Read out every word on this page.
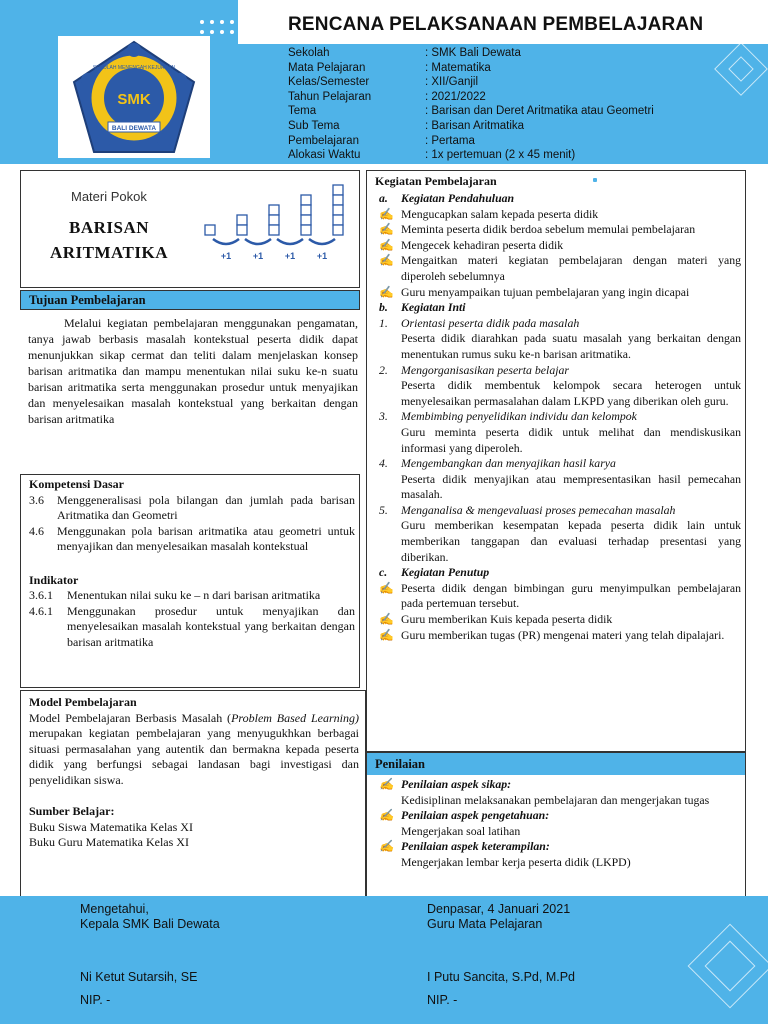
SMK
SEKOLAH MENENGAH KEJURUAN
BALI DEWATA
RENCANA PELAKSANAAN PEMBELAJARAN
Sekolah	: SMK Bali Dewata
Mata Pelajaran	: Matematika
Kelas/Semester	: XII/Ganjil
Tahun Pelajaran	: 2021/2022
Tema	: Barisan dan Deret Aritmatika atau Geometri
Sub Tema	: Barisan Aritmatika
Pembelajaran	: Pertama
Alokasi Waktu	: 1x pertemuan (2 x 45 menit)
Materi Pokok
BARISAN
ARITMATIKA	+1 +1 +1 +1
Tujuan Pembelajaran
Melalui kegiatan pembelajaran menggunakan pengamatan, tanya jawab berbasis masalah kontekstual peserta didik dapat menunjukkan sikap cermat dan teliti dalam menjelaskan konsep barisan aritmatika dan mampu menentukan nilai suku ke-n suatu barisan aritmatika serta menggunakan prosedur untuk menyajikan dan menyelesaikan masalah kontekstual yang berkaitan dengan barisan aritmatika
Kompetensi Dasar
3.6	Menggeneralisasi pola bilangan dan jumlah pada barisan Aritmatika dan Geometri
4.6	Menggunakan pola barisan aritmatika atau geometri untuk menyajikan dan menyelesaikan masalah kontekstual
Indikator
3.6.1	Menentukan nilai suku ke – n dari barisan aritmatika
4.6.1	Menggunakan prosedur untuk menyajikan dan menyelesaikan masalah kontekstual yang berkaitan dengan barisan aritmatika
Model Pembelajaran
Model Pembelajaran Berbasis Masalah (Problem Based Learning) merupakan kegiatan pembelajaran yang menyugukhkan berbagai situasi permasalahan yang autentik dan bermakna kepada peserta didik yang berfungsi sebagai landasan bagi investigasi dan penyelidikan siswa.
Sumber Belajar:
Buku Siswa Matematika Kelas XI
Buku Guru Matematika Kelas XI
Kegiatan Pembelajaran
a.	Kegiatan Pendahuluan
✍ Mengucapkan salam kepada peserta didik
✍ Meminta peserta didik berdoa sebelum memulai pembelajaran
✍ Mengecek kehadiran peserta didik
✍ Mengaitkan materi kegiatan pembelajaran dengan materi yang diperoleh sebelumnya
✍ Guru menyampaikan tujuan pembelajaran yang ingin dicapai
b.	Kegiatan Inti
1.	Orientasi peserta didik pada masalah
Peserta didik diarahkan pada suatu masalah yang berkaitan dengan menentukan rumus suku ke-n barisan aritmatika.
2.	Mengorganisasikan peserta belajar
Peserta didik membentuk kelompok secara heterogen untuk menyelesaikan permasalahan dalam LKPD yang diberikan oleh guru.
3.	Membimbing penyelidikan individu dan kelompok
Guru meminta peserta didik untuk melihat dan mendiskusikan informasi yang diperoleh.
4.	Mengembangkan dan menyajikan hasil karya
Peserta didik menyajikan atau mempresentasikan hasil pemecahan masalah.
5.	Menganalisa & mengevaluasi proses pemecahan masalah
Guru memberikan kesempatan kepada peserta didik lain untuk memberikan tanggapan dan evaluasi terhadap presentasi yang diberikan.
c.	Kegiatan Penutup
✍ Peserta didik dengan bimbingan guru menyimpulkan pembelajaran pada pertemuan tersebut.
✍ Guru memberikan Kuis kepada peserta didik
✍ Guru memberikan tugas (PR) mengenai materi yang telah dipalajari.
Penilaian
✍ Penilaian aspek sikap:
Kedisiplinan melaksanakan pembelajaran dan mengerjakan tugas
✍ Penilaian aspek pengetahuan:
Mengerjakan soal latihan
✍ Penilaian aspek keterampilan:
Mengerjakan lembar kerja peserta didik (LKPD)
Mengetahui,
Kepala SMK Bali Dewata
Ni Ketut Sutarsih, SE
NIP. -
Denpasar, 4 Januari 2021
Guru Mata Pelajaran
I Putu Sancita, S.Pd, M.Pd
NIP. -
